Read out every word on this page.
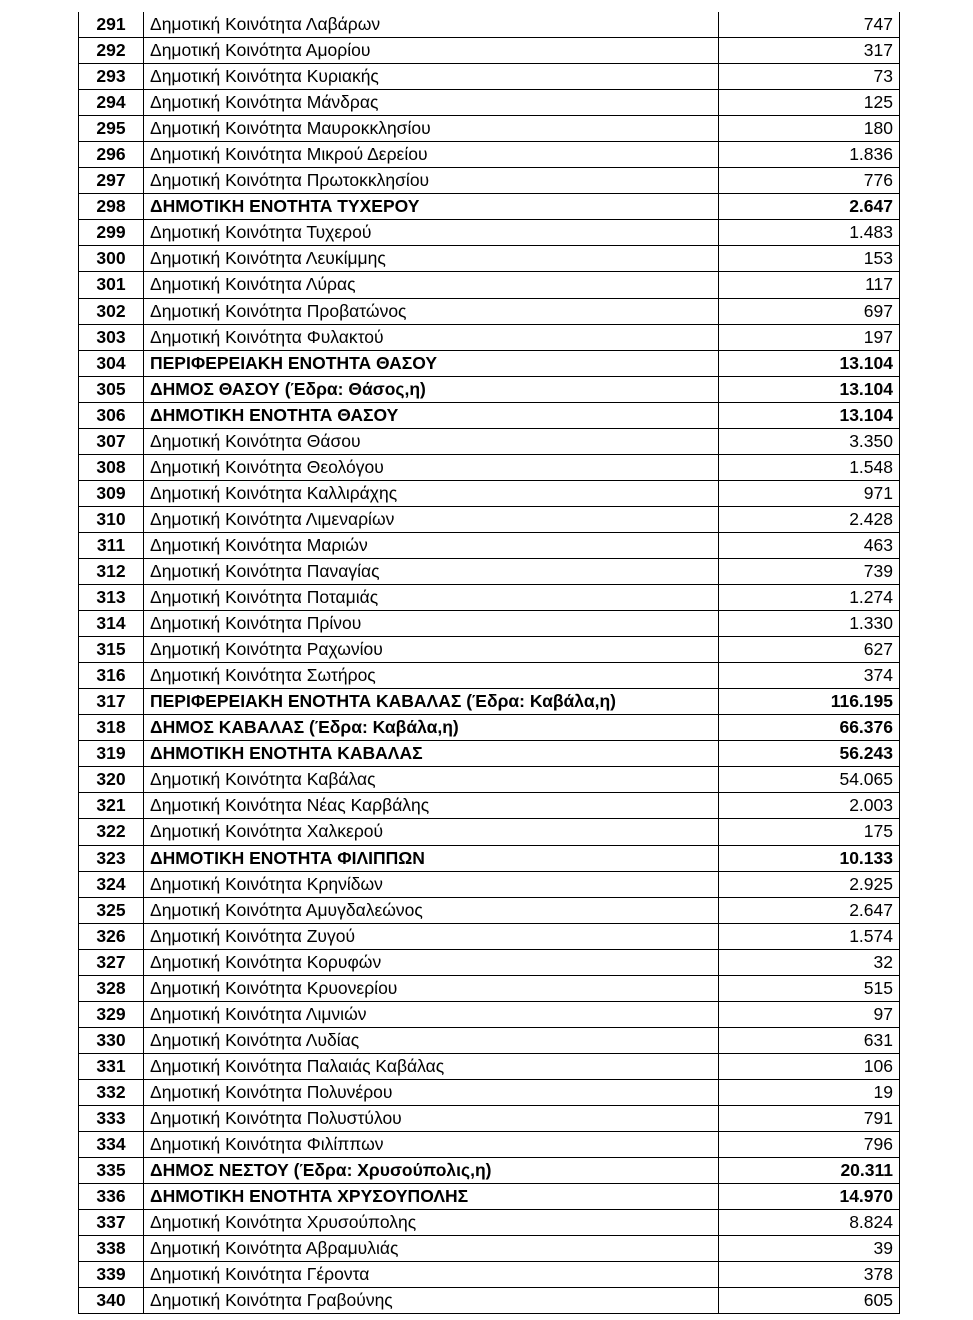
291	Δημοτική Κοινότητα Λαβάρων	747
292	Δημοτική Κοινότητα Αμορίου	317
293	Δημοτική Κοινότητα Κυριακής	73
294	Δημοτική Κοινότητα Μάνδρας	125
295	Δημοτική Κοινότητα Μαυροκκλησίου	180
296	Δημοτική Κοινότητα Μικρού Δερείου	1.836
297	Δημοτική Κοινότητα Πρωτοκκλησίου	776
298	ΔΗΜΟΤΙΚΗ ΕΝΟΤΗΤΑ ΤΥΧΕΡΟΥ	2.647
299	Δημοτική Κοινότητα Τυχερού	1.483
300	Δημοτική Κοινότητα Λευκίμμης	153
301	Δημοτική Κοινότητα Λύρας	117
302	Δημοτική Κοινότητα Προβατώνος	697
303	Δημοτική Κοινότητα Φυλακτού	197
304	ΠΕΡΙΦΕΡΕΙΑΚΗ ΕΝΟΤΗΤΑ ΘΑΣΟΥ	13.104
305	ΔΗΜΟΣ ΘΑΣΟΥ (Έδρα: Θάσος,η)	13.104
306	ΔΗΜΟΤΙΚΗ ΕΝΟΤΗΤΑ ΘΑΣΟΥ	13.104
307	Δημοτική Κοινότητα Θάσου	3.350
308	Δημοτική Κοινότητα Θεολόγου	1.548
309	Δημοτική Κοινότητα Καλλιράχης	971
310	Δημοτική Κοινότητα Λιμεναρίων	2.428
311	Δημοτική Κοινότητα Μαριών	463
312	Δημοτική Κοινότητα Παναγίας	739
313	Δημοτική Κοινότητα Ποταμιάς	1.274
314	Δημοτική Κοινότητα Πρίνου	1.330
315	Δημοτική Κοινότητα Ραχωνίου	627
316	Δημοτική Κοινότητα Σωτήρος	374
317	ΠΕΡΙΦΕΡΕΙΑΚΗ ΕΝΟΤΗΤΑ ΚΑΒΑΛΑΣ (Έδρα: Καβάλα,η)	116.195
318	ΔΗΜΟΣ ΚΑΒΑΛΑΣ (Έδρα: Καβάλα,η)	66.376
319	ΔΗΜΟΤΙΚΗ ΕΝΟΤΗΤΑ ΚΑΒΑΛΑΣ	56.243
320	Δημοτική Κοινότητα Καβάλας	54.065
321	Δημοτική Κοινότητα Νέας Καρβάλης	2.003
322	Δημοτική Κοινότητα Χαλκερού	175
323	ΔΗΜΟΤΙΚΗ ΕΝΟΤΗΤΑ ΦΙΛΙΠΠΩΝ	10.133
324	Δημοτική Κοινότητα Κρηνίδων	2.925
325	Δημοτική Κοινότητα Αμυγδαλεώνος	2.647
326	Δημοτική Κοινότητα Ζυγού	1.574
327	Δημοτική Κοινότητα Κορυφών	32
328	Δημοτική Κοινότητα Κρυονερίου	515
329	Δημοτική Κοινότητα Λιμνιών	97
330	Δημοτική Κοινότητα Λυδίας	631
331	Δημοτική Κοινότητα Παλαιάς Καβάλας	106
332	Δημοτική Κοινότητα Πολυνέρου	19
333	Δημοτική Κοινότητα Πολυστύλου	791
334	Δημοτική Κοινότητα Φιλίππων	796
335	ΔΗΜΟΣ ΝΕΣΤΟΥ (Έδρα: Χρυσούπολις,η)	20.311
336	ΔΗΜΟΤΙΚΗ ΕΝΟΤΗΤΑ ΧΡΥΣΟΥΠΟΛΗΣ	14.970
337	Δημοτική Κοινότητα Χρυσούπολης	8.824
338	Δημοτική Κοινότητα Αβραμυλιάς	39
339	Δημοτική Κοινότητα Γέροντα	378
340	Δημοτική Κοινότητα Γραβούνης	605
